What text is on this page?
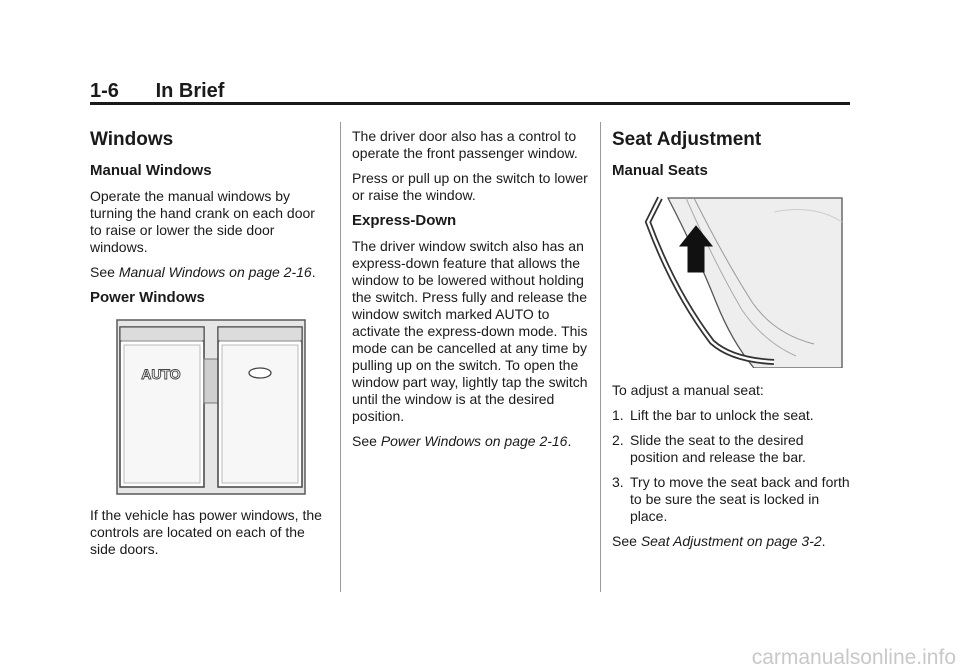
1-6 In Brief
Windows
Manual Windows

Operate the manual windows by turning the hand crank on each door to raise or lower the side door windows.

See Manual Windows on page 2-16.

Power Windows
AUTO

If the vehicle has power windows, the controls are located on each of the side doors.

The driver door also has a control to operate the front passenger window.

Press or pull up on the switch to lower or raise the window.

Express-Down

The driver window switch also has an express-down feature that allows the window to be lowered without holding the switch. Press fully and release the window switch marked AUTO to activate the express-down mode. This mode can be cancelled at any time by pulling up on the switch. To open the window part way, lightly tap the switch until the window is at the desired position.

See Power Windows on page 2-16.

Seat Adjustment
Manual Seats

To adjust a manual seat:

1. Lift the bar to unlock the seat.
2. Slide the seat to the desired position and release the bar.
3. Try to move the seat back and forth to be sure the seat is locked in place.

See Seat Adjustment on page 3-2.

carmanualsonline.info
